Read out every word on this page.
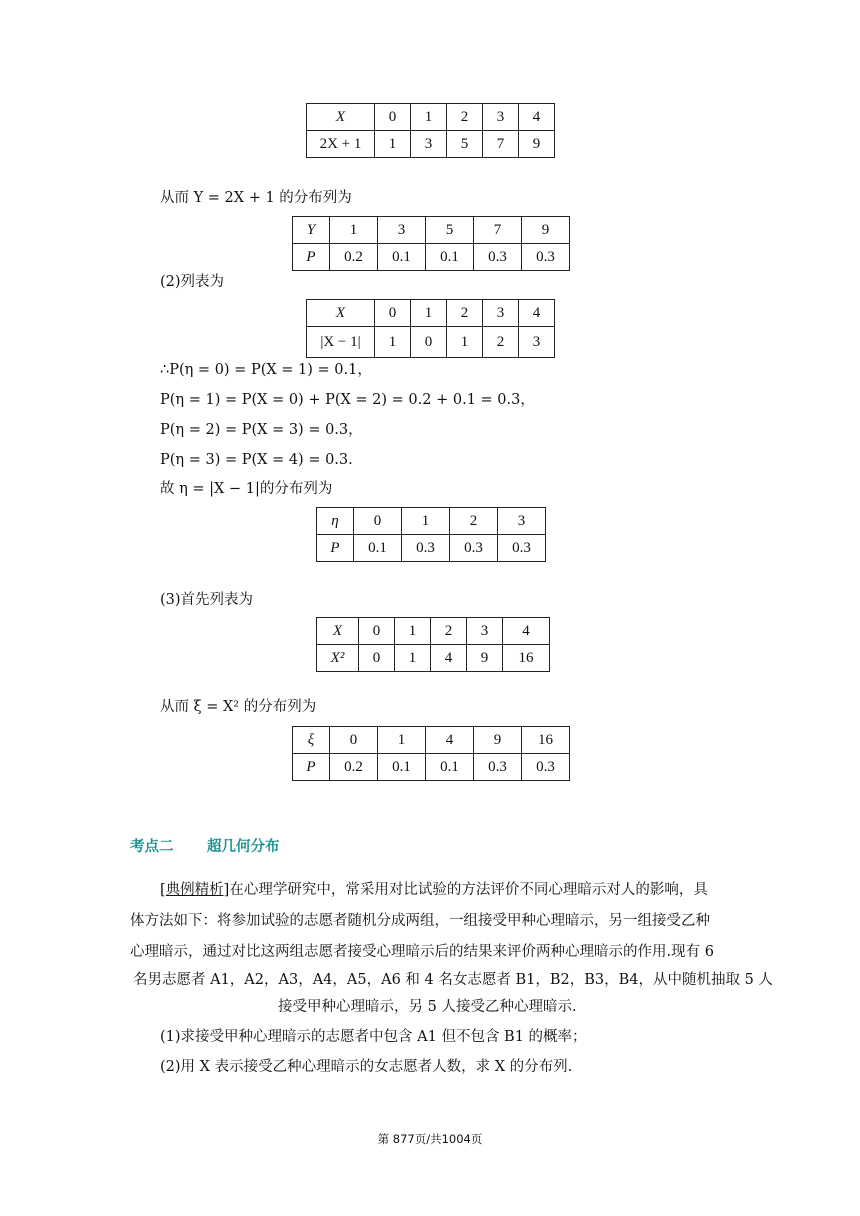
X	0	1	2	3	4
2X + 1	1	3	5	7	9
从而 Y = 2X + 1 的分布列为
Y	1	3	5	7	9
P	0.2	0.1	0.1	0.3	0.3
(2)列表为
X	0	1	2	3	4
|X − 1|	1	0	1	2	3
∴P(η = 0) = P(X = 1) = 0.1，
P(η = 1) = P(X = 0) + P(X = 2) = 0.2 + 0.1 = 0.3，
P(η = 2) = P(X = 3) = 0.3，
P(η = 3) = P(X = 4) = 0.3.
故 η = |X − 1|的分布列为
η	0	1	2	3
P	0.1	0.3	0.3	0.3
(3)首先列表为
X	0	1	2	3	4
X²	0	1	4	9	16
从而 ξ = X² 的分布列为
ξ	0	1	4	9	16
P	0.2	0.1	0.1	0.3	0.3
考点二 超几何分布
[典例精析]在心理学研究中，常采用对比试验的方法评价不同心理暗示对人的影响，具
体方法如下：将参加试验的志愿者随机分成两组，一组接受甲种心理暗示，另一组接受乙种
心理暗示，通过对比这两组志愿者接受心理暗示后的结果来评价两种心理暗示的作用.现有 6
名男志愿者 A1，A2，A3，A4，A5，A6 和 4 名女志愿者 B1，B2，B3，B4，从中随机抽取 5 人
接受甲种心理暗示，另 5 人接受乙种心理暗示.
(1)求接受甲种心理暗示的志愿者中包含 A1 但不包含 B1 的概率；
(2)用 X 表示接受乙种心理暗示的女志愿者人数，求 X 的分布列.
第 877页/共1004页
